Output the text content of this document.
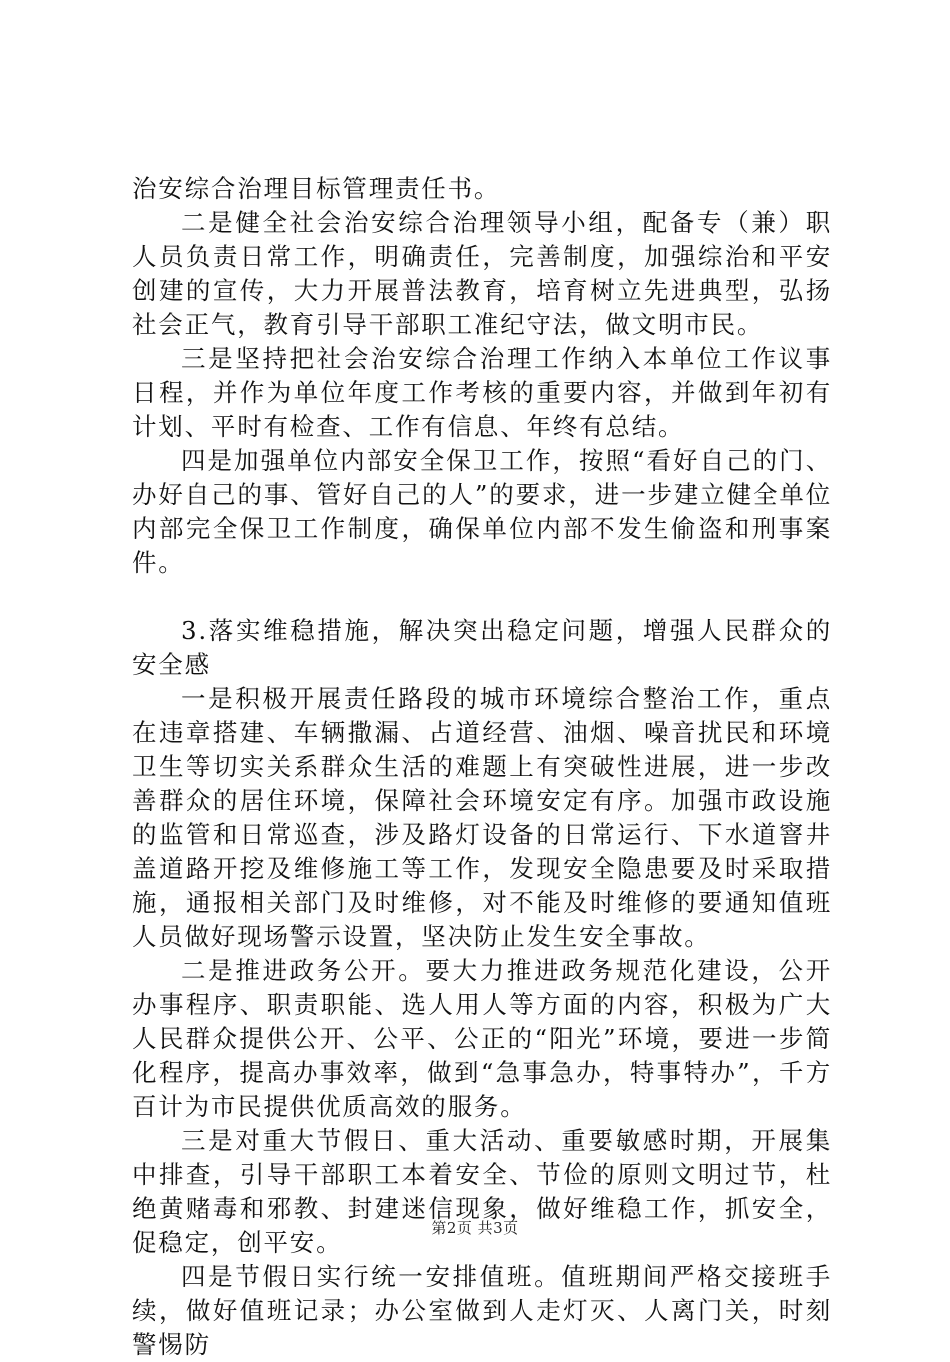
治安综合治理目标管理责任书。

二是健全社会治安综合治理领导小组，配备专（兼）职人员负责日常工作，明确责任，完善制度，加强综治和平安创建的宣传，大力开展普法教育，培育树立先进典型，弘扬社会正气，教育引导干部职工准纪守法，做文明市民。

三是坚持把社会治安综合治理工作纳入本单位工作议事日程，并作为单位年度工作考核的重要内容，并做到年初有计划、平时有检查、工作有信息、年终有总结。

四是加强单位内部安全保卫工作，按照“看好自己的门、办好自己的事、管好自己的人”的要求，进一步建立健全单位内部完全保卫工作制度，确保单位内部不发生偷盗和刑事案件。

3.落实维稳措施，解决突出稳定问题，增强人民群众的安全感

一是积极开展责任路段的城市环境综合整治工作，重点在违章搭建、车辆撒漏、占道经营、油烟、噪音扰民和环境卫生等切实关系群众生活的难题上有突破性进展，进一步改善群众的居住环境，保障社会环境安定有序。加强市政设施的监管和日常巡查，涉及路灯设备的日常运行、下水道窨井盖道路开挖及维修施工等工作，发现安全隐患要及时采取措施，通报相关部门及时维修，对不能及时维修的要通知值班人员做好现场警示设置，坚决防止发生安全事故。

二是推进政务公开。要大力推进政务规范化建设，公开办事程序、职责职能、选人用人等方面的内容，积极为广大人民群众提供公开、公平、公正的“阳光”环境，要进一步简化程序，提高办事效率，做到“急事急办，特事特办”，千方百计为市民提供优质高效的服务。

三是对重大节假日、重大活动、重要敏感时期，开展集中排查，引导干部职工本着安全、节俭的原则文明过节，杜绝黄赌毒和邪教、封建迷信现象，做好维稳工作，抓安全，促稳定，创平安。

四是节假日实行统一安排值班。值班期间严格交接班手续，做好值班记录；办公室做到人走灯灭、人离门关，时刻警惕防

第2页 共3页
